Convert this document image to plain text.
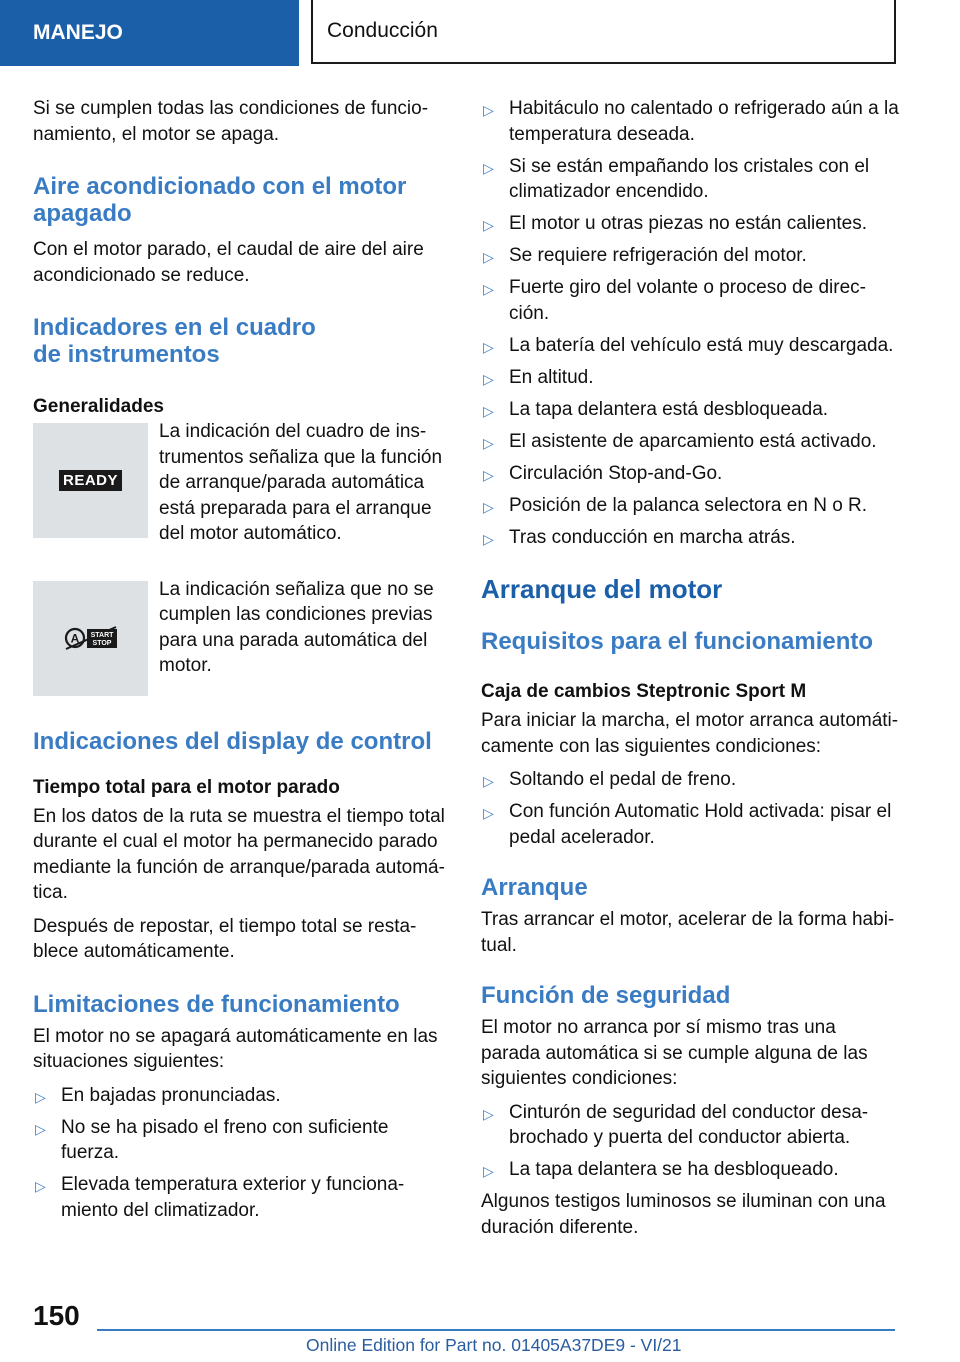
MANEJO	Conducción

Si se cumplen todas las condiciones de funcionamiento, el motor se apaga.

Aire acondicionado con el motor apagado

Con el motor parado, el caudal de aire del aire acondicionado se reduce.

Indicadores en el cuadro
de instrumentos
Generalidades
READY

La indicación del cuadro de instrumentos señaliza que la función de arranque/parada automática está preparada para el arranque del motor automático.

A START
STOP

La indicación señaliza que no se cumplen las condiciones previas para una parada automática del motor.

Indicaciones del display de control
Tiempo total para el motor parado

En los datos de la ruta se muestra el tiempo total durante el cual el motor ha permanecido parado mediante la función de arranque/parada automática.

Después de repostar, el tiempo total se restablece automáticamente.

Limitaciones de funcionamiento

El motor no se apagará automáticamente en las situaciones siguientes:

▷ En bajadas pronunciadas.
▷ No se ha pisado el freno con suficiente fuerza.
▷ Elevada temperatura exterior y funcionamiento del climatizador.
▷ Habitáculo no calentado o refrigerado aún a la temperatura deseada.
▷ Si se están empañando los cristales con el climatizador encendido.
▷ El motor u otras piezas no están calientes.
▷ Se requiere refrigeración del motor.
▷ Fuerte giro del volante o proceso de dirección.
▷ La batería del vehículo está muy descargada.
▷ En altitud.
▷ La tapa delantera está desbloqueada.
▷ El asistente de aparcamiento está activado.
▷ Circulación Stop-and-Go.
▷ Posición de la palanca selectora en N o R.
▷ Tras conducción en marcha atrás.
Arranque del motor
Requisitos para el funcionamiento
Caja de cambios Steptronic Sport M

Para iniciar la marcha, el motor arranca automáticamente con las siguientes condiciones:

▷ Soltando el pedal de freno.
▷ Con función Automatic Hold activada: pisar el pedal acelerador.
Arranque

Tras arrancar el motor, acelerar de la forma habitual.

Función de seguridad

El motor no arranca por sí mismo tras una parada automática si se cumple alguna de las siguientes condiciones:

▷ Cinturón de seguridad del conductor desabrochado y puerta del conductor abierta.
▷ La tapa delantera se ha desbloqueado.

Algunos testigos luminosos se iluminan con una duración diferente.

150
Online Edition for Part no. 01405A37DE9 - VI/21
